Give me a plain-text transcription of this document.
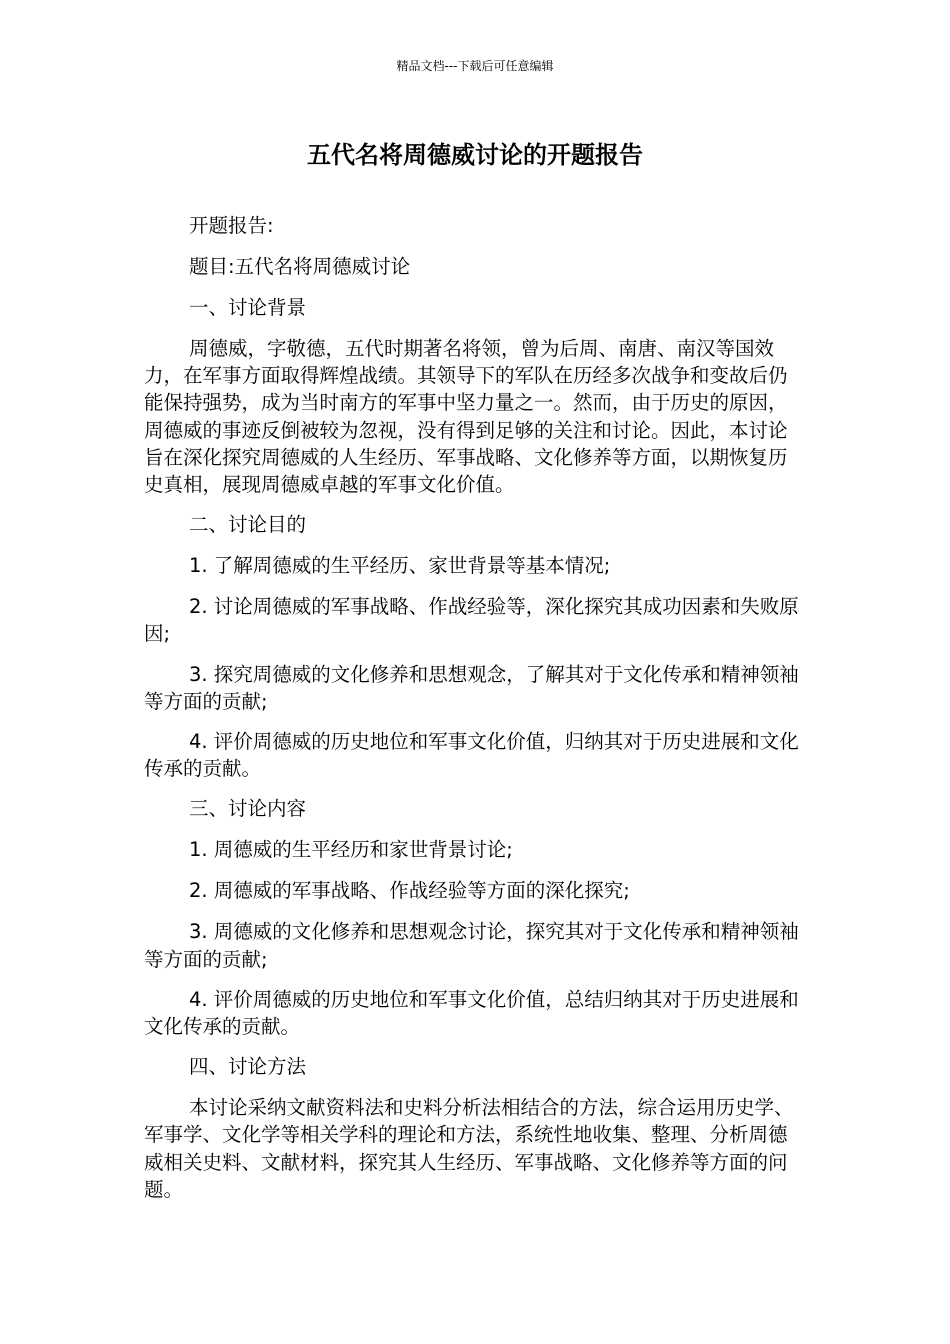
精品文档---下载后可任意编辑
五代名将周德威讨论的开题报告

开题报告:

题目:五代名将周德威讨论

一、讨论背景

周德威，字敬德，五代时期著名将领，曾为后周、南唐、南汉等国效力，在军事方面取得辉煌战绩。其领导下的军队在历经多次战争和变故后仍能保持强势，成为当时南方的军事中坚力量之一。然而，由于历史的原因，周德威的事迹反倒被较为忽视，没有得到足够的关注和讨论。因此，本讨论旨在深化探究周德威的人生经历、军事战略、文化修养等方面，以期恢复历史真相，展现周德威卓越的军事文化价值。

二、讨论目的

1. 了解周德威的生平经历、家世背景等基本情况;

2. 讨论周德威的军事战略、作战经验等，深化探究其成功因素和失败原因;

3. 探究周德威的文化修养和思想观念，了解其对于文化传承和精神领袖等方面的贡献;

4. 评价周德威的历史地位和军事文化价值，归纳其对于历史进展和文化传承的贡献。

三、讨论内容

1. 周德威的生平经历和家世背景讨论;

2. 周德威的军事战略、作战经验等方面的深化探究;

3. 周德威的文化修养和思想观念讨论，探究其对于文化传承和精神领袖等方面的贡献;

4. 评价周德威的历史地位和军事文化价值，总结归纳其对于历史进展和文化传承的贡献。

四、讨论方法

本讨论采纳文献资料法和史料分析法相结合的方法，综合运用历史学、军事学、文化学等相关学科的理论和方法，系统性地收集、整理、分析周德威相关史料、文献材料，探究其人生经历、军事战略、文化修养等方面的问题。
